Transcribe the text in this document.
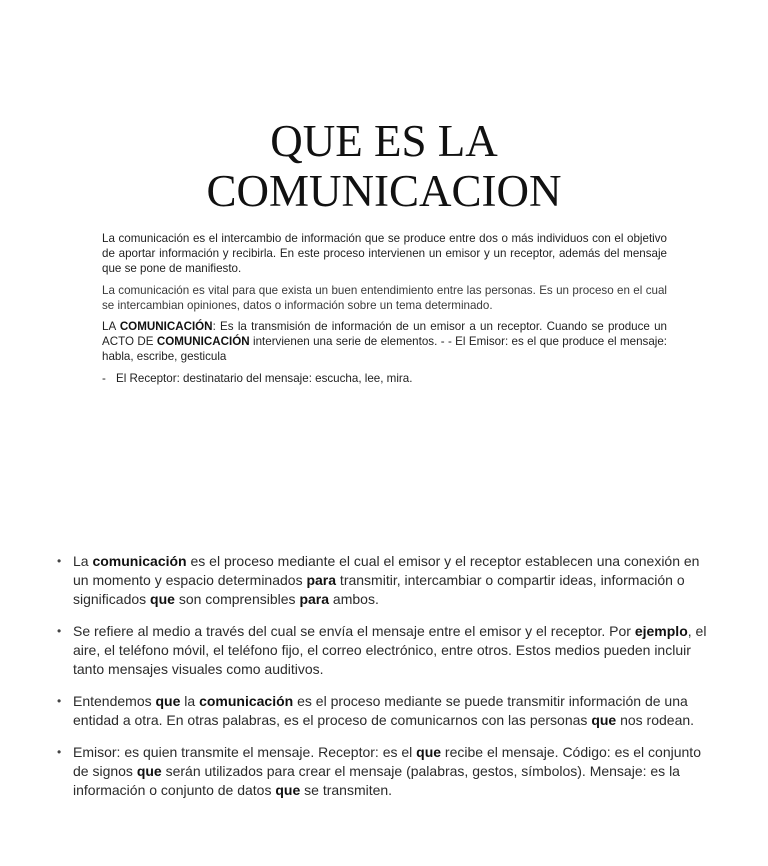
QUE ES LA
COMUNICACION

La comunicación es el intercambio de información que se produce entre dos o más individuos con el objetivo de aportar información y recibirla. En este proceso intervienen un emisor y un receptor, además del mensaje que se pone de manifiesto.

La comunicación es vital para que exista un buen entendimiento entre las personas. Es un proceso en el cual se intercambian opiniones, datos o información sobre un tema determinado.

LA COMUNICACIÓN: Es la transmisión de información de un emisor a un receptor. Cuando se produce un ACTO DE COMUNICACIÓN intervienen una serie de elementos. - - El Emisor: es el que produce el mensaje: habla, escribe, gesticula

- El Receptor: destinatario del mensaje: escucha, lee, mira.

• La comunicación es el proceso mediante el cual el emisor y el receptor establecen una conexión en un momento y espacio determinados para transmitir, intercambiar o compartir ideas, información o significados que son comprensibles para ambos.
• Se refiere al medio a través del cual se envía el mensaje entre el emisor y el receptor. Por ejemplo, el aire, el teléfono móvil, el teléfono fijo, el correo electrónico, entre otros. Estos medios pueden incluir tanto mensajes visuales como auditivos.
• Entendemos que la comunicación es el proceso mediante se puede transmitir información de una entidad a otra. En otras palabras, es el proceso de comunicarnos con las personas que nos rodean.
• Emisor: es quien transmite el mensaje. Receptor: es el que recibe el mensaje. Código: es el conjunto de signos que serán utilizados para crear el mensaje (palabras, gestos, símbolos). Mensaje: es la información o conjunto de datos que se transmiten.
